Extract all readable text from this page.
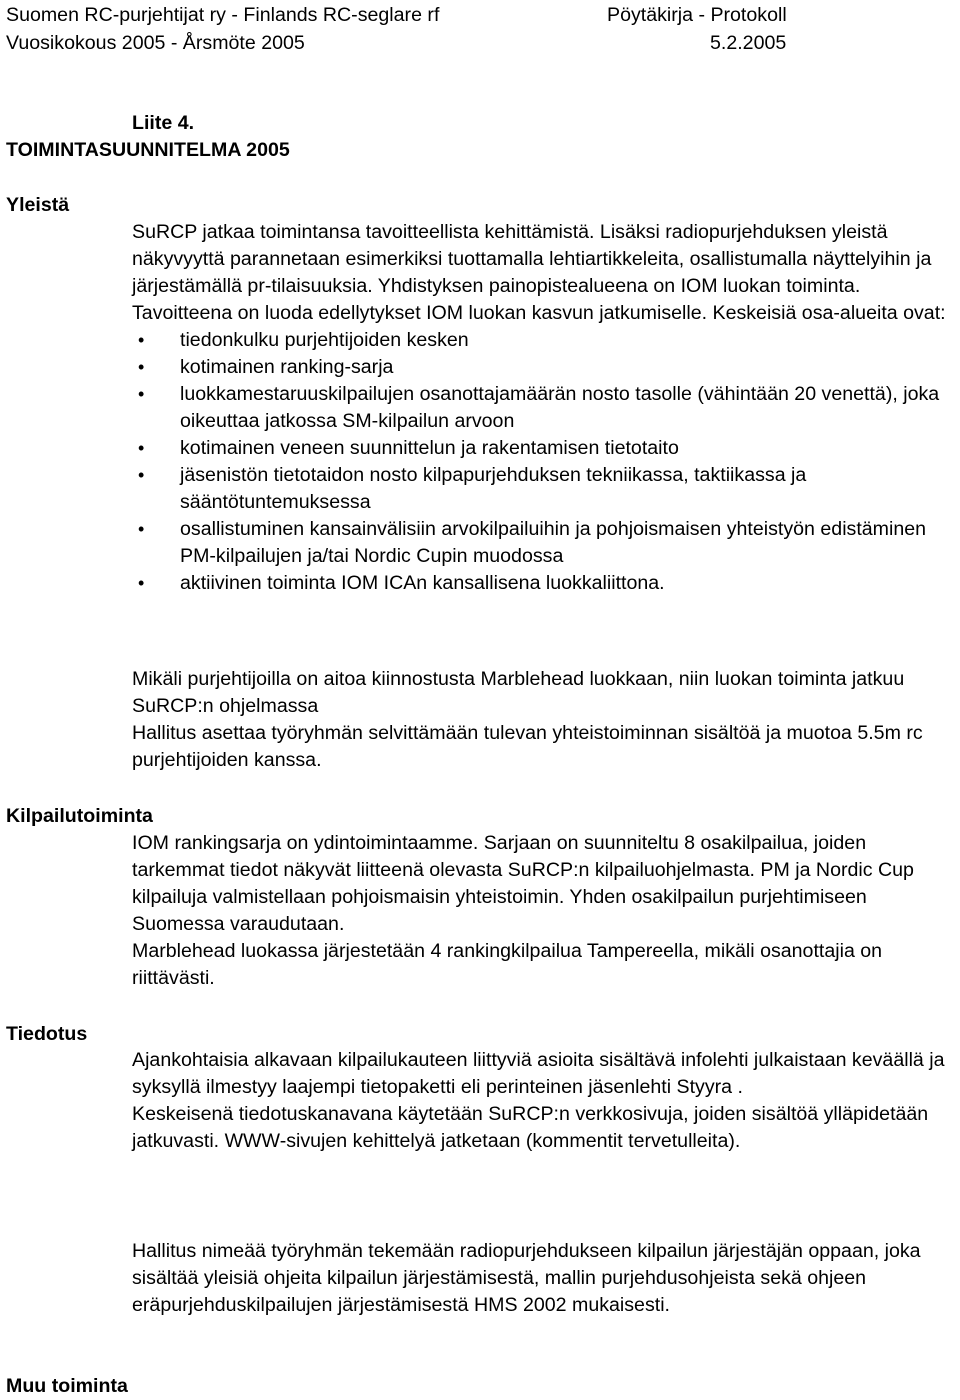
Suomen RC-purjehtijat ry - Finlands RC-seglare rf	Pöytäkirja - Protokoll
Vuosikokous 2005 - Årsmöte 2005	5.2.2005
Liite 4.
TOIMINTASUUNNITELMA 2005
Yleistä

SuRCP jatkaa toimintansa tavoitteellista kehittämistä. Lisäksi radiopurjehduksen yleistä näkyvyyttä parannetaan esimerkiksi tuottamalla lehtiartikkeleita, osallistumalla näyttelyihin ja järjestämällä pr-tilaisuuksia. Yhdistyksen painopistealueena on IOM luokan toiminta. Tavoitteena on luoda edellytykset IOM luokan kasvun jatkumiselle. Keskeisiä osa-alueita ovat:

• tiedonkulku purjehtijoiden kesken
• kotimainen ranking-sarja
• luokkamestaruuskilpailujen osanottajamäärän nosto tasolle (vähintään 20 venettä), joka oikeuttaa jatkossa SM-kilpailun arvoon
• kotimainen veneen suunnittelun ja rakentamisen tietotaito
• jäsenistön tietotaidon nosto kilpapurjehduksen tekniikassa, taktiikassa ja sääntötuntemuksessa
• osallistuminen kansainvälisiin arvokilpailuihin ja pohjoismaisen yhteistyön edistäminen PM-kilpailujen ja/tai Nordic Cupin muodossa
• aktiivinen toiminta IOM ICAn kansallisena luokkaliittona.

Mikäli purjehtijoilla on aitoa kiinnostusta Marblehead luokkaan, niin luokan toiminta jatkuu SuRCP:n ohjelmassa

Hallitus asettaa työryhmän selvittämään tulevan yhteistoiminnan sisältöä ja muotoa 5.5m rc purjehtijoiden kanssa.

Kilpailutoiminta

IOM rankingsarja on ydintoimintaamme. Sarjaan on suunniteltu 8 osakilpailua, joiden tarkemmat tiedot näkyvät liitteenä olevasta SuRCP:n kilpailuohjelmasta. PM ja Nordic Cup kilpailuja valmistellaan pohjoismaisin yhteistoimin. Yhden osakilpailun purjehtimiseen Suomessa varaudutaan.

Marblehead luokassa järjestetään 4 rankingkilpailua Tampereella, mikäli osanottajia on riittävästi.

Tiedotus

Ajankohtaisia alkavaan kilpailukauteen liittyviä asioita sisältävä infolehti julkaistaan keväällä ja syksyllä ilmestyy laajempi tietopaketti eli perinteinen jäsenlehti Styyra .

Keskeisenä tiedotuskanavana käytetään SuRCP:n verkkosivuja, joiden sisältöä ylläpidetään jatkuvasti. WWW-sivujen kehittelyä jatketaan (kommentit tervetulleita).

Hallitus nimeää työryhmän tekemään radiopurjehdukseen kilpailun järjestäjän oppaan, joka sisältää yleisiä ohjeita kilpailun järjestämisestä, mallin purjehdusohjeista sekä ohjeen eräpurjehduskilpailujen järjestämisestä HMS 2002 mukaisesti.

Muu toiminta
